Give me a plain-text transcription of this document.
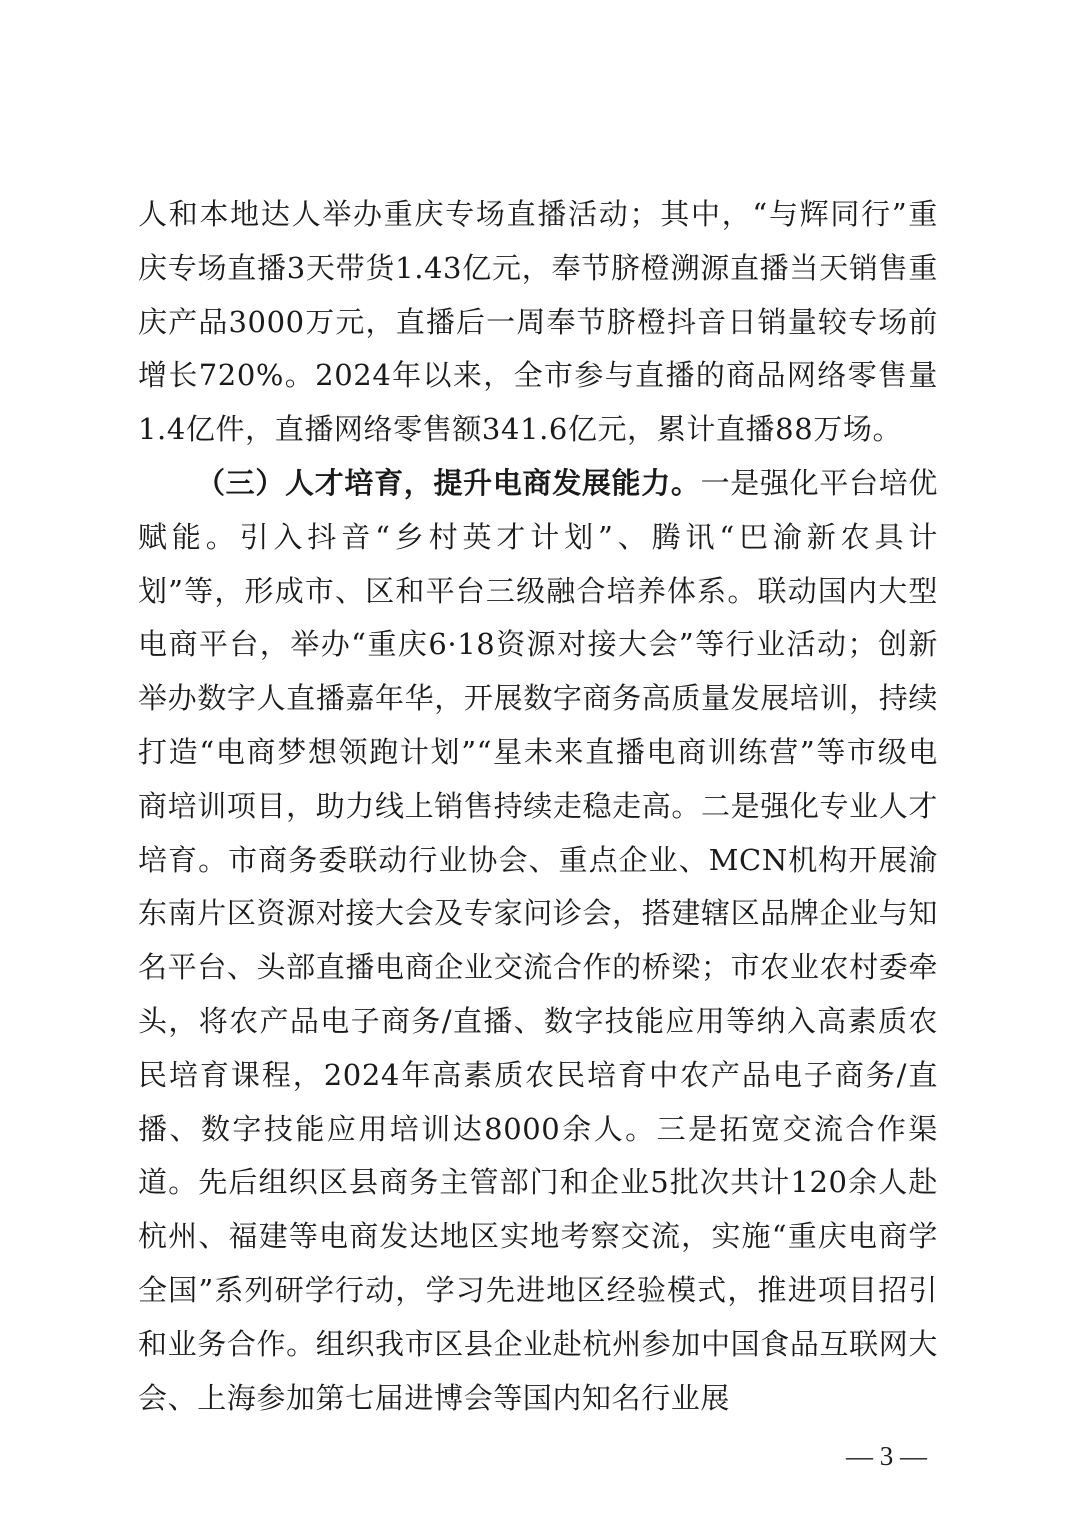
人和本地达人举办重庆专场直播活动；其中，“与辉同行”重庆专场直播3天带货1.43亿元，奉节脐橙溯源直播当天销售重庆产品3000万元，直播后一周奉节脐橙抖音日销量较专场前增长720%。2024年以来，全市参与直播的商品网络零售量1.4亿件，直播网络零售额341.6亿元，累计直播88万场。

（三）人才培育，提升电商发展能力。一是强化平台培优赋能。引入抖音“乡村英才计划”、腾讯“巴渝新农具计划”等，形成市、区和平台三级融合培养体系。联动国内大型电商平台，举办“重庆6·18资源对接大会”等行业活动；创新举办数字人直播嘉年华，开展数字商务高质量发展培训，持续打造“电商梦想领跑计划”“星未来直播电商训练营”等市级电商培训项目，助力线上销售持续走稳走高。二是强化专业人才培育。市商务委联动行业协会、重点企业、MCN机构开展渝东南片区资源对接大会及专家问诊会，搭建辖区品牌企业与知名平台、头部直播电商企业交流合作的桥梁；市农业农村委牵头，将农产品电子商务/直播、数字技能应用等纳入高素质农民培育课程，2024年高素质农民培育中农产品电子商务/直播、数字技能应用培训达8000余人。三是拓宽交流合作渠道。先后组织区县商务主管部门和企业5批次共计120余人赴杭州、福建等电商发达地区实地考察交流，实施“重庆电商学全国”系列研学行动，学习先进地区经验模式，推进项目招引和业务合作。组织我市区县企业赴杭州参加中国食品互联网大会、上海参加第七届进博会等国内知名行业展

— 3 —
